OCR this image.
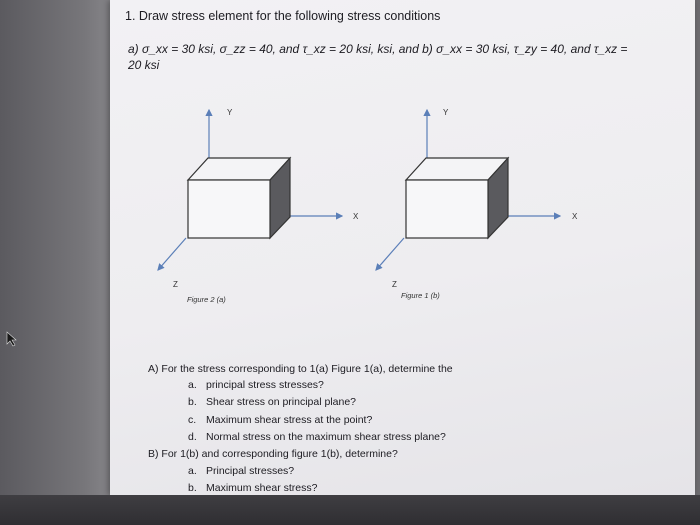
1. Draw stress element for the following stress conditions
a) σ_xx = 30 ksi, σ_zz = 40, and τ_xz = 20 ksi, ksi, and b) σ_xx = 30 ksi, τ_zy = 40, and τ_xz =
20 ksi
Y
X
Z
Figure 2 (a)
Y
X
Z
Figure 1 (b)
A) For the stress corresponding to 1(a) Figure 1(a), determine the
a. principal stress stresses?
b. Shear stress on principal plane?
c. Maximum shear stress at the point?
d. Normal stress on the maximum shear stress plane?
B) For 1(b) and corresponding figure 1(b), determine?
a. Principal stresses?
b. Maximum shear stress?
